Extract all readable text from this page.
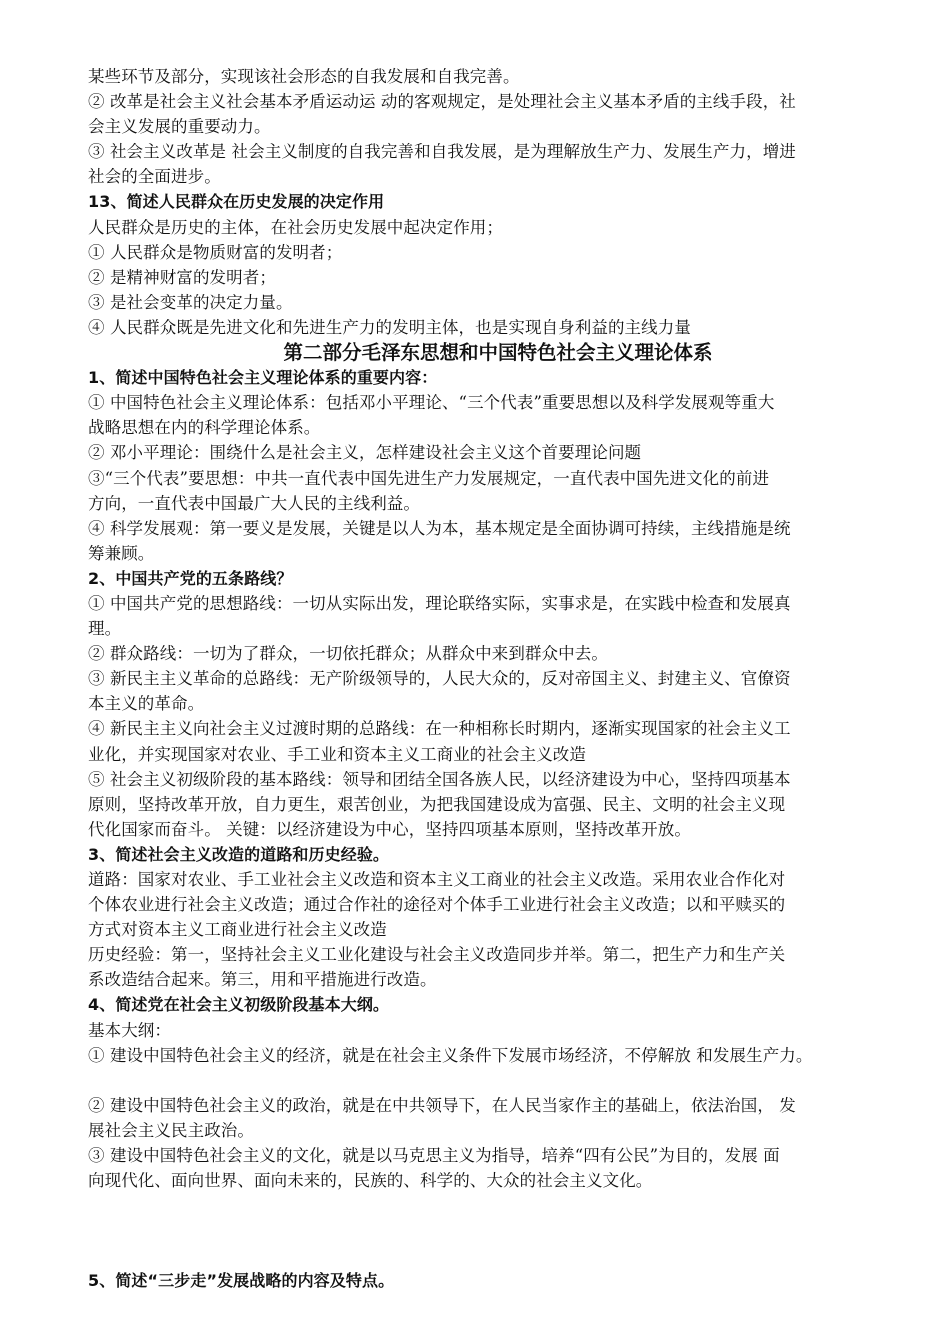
某些环节及部分，实现该社会形态的自我发展和自我完善。
② 改革是社会主义社会基本矛盾运动运 动的客观规定，是处理社会主义基本矛盾的主线手段，社
会主义发展的重要动力。
③ 社会主义改革是 社会主义制度的自我完善和自我发展，是为理解放生产力、发展生产力，增进
社会的全面进步。
13、简述人民群众在历史发展的决定作用
人民群众是历史的主体，在社会历史发展中起决定作用；
① 人民群众是物质财富的发明者；
② 是精神财富的发明者；
③ 是社会变革的决定力量。
④ 人民群众既是先进文化和先进生产力的发明主体，也是实现自身利益的主线力量
第二部分毛泽东思想和中国特色社会主义理论体系
1、简述中国特色社会主义理论体系的重要内容：
① 中国特色社会主义理论体系：包括邓小平理论、“三个代表”重要思想以及科学发展观等重大
战略思想在内的科学理论体系。
② 邓小平理论：围绕什么是社会主义，怎样建设社会主义这个首要理论问题
③“三个代表”要思想：中共一直代表中国先进生产力发展规定，一直代表中国先进文化的前进
方向，一直代表中国最广大人民的主线利益。
④ 科学发展观：第一要义是发展，关键是以人为本，基本规定是全面协调可持续，主线措施是统
筹兼顾。
2、中国共产党的五条路线？
① 中国共产党的思想路线：一切从实际出发，理论联络实际，实事求是，在实践中检查和发展真
理。
② 群众路线：一切为了群众，一切依托群众；从群众中来到群众中去。
③ 新民主主义革命的总路线：无产阶级领导的，人民大众的，反对帝国主义、封建主义、官僚资
本主义的革命。
④ 新民主主义向社会主义过渡时期的总路线：在一种相称长时期内，逐渐实现国家的社会主义工
业化，并实现国家对农业、手工业和资本主义工商业的社会主义改造
⑤ 社会主义初级阶段的基本路线：领导和团结全国各族人民，以经济建设为中心，坚持四项基本
原则，坚持改革开放，自力更生，艰苦创业，为把我国建设成为富强、民主、文明的社会主义现
代化国家而奋斗。 关键：以经济建设为中心，坚持四项基本原则，坚持改革开放。
3、简述社会主义改造的道路和历史经验。
道路：国家对农业、手工业社会主义改造和资本主义工商业的社会主义改造。采用农业合作化对
个体农业进行社会主义改造；通过合作社的途径对个体手工业进行社会主义改造；以和平赎买的
方式对资本主义工商业进行社会主义改造
历史经验：第一，坚持社会主义工业化建设与社会主义改造同步并举。第二，把生产力和生产关
系改造结合起来。第三，用和平措施进行改造。
4、简述党在社会主义初级阶段基本大纲。
基本大纲：
① 建设中国特色社会主义的经济，就是在社会主义条件下发展市场经济，不停解放 和发展生产力。
② 建设中国特色社会主义的政治，就是在中共领导下，在人民当家作主的基础上，依法治国， 发
展社会主义民主政治。
③ 建设中国特色社会主义的文化，就是以马克思主义为指导，培养“四有公民”为目的，发展 面
向现代化、面向世界、面向未来的，民族的、科学的、大众的社会主义文化。
5、简述“三步走”发展战略的内容及特点。
